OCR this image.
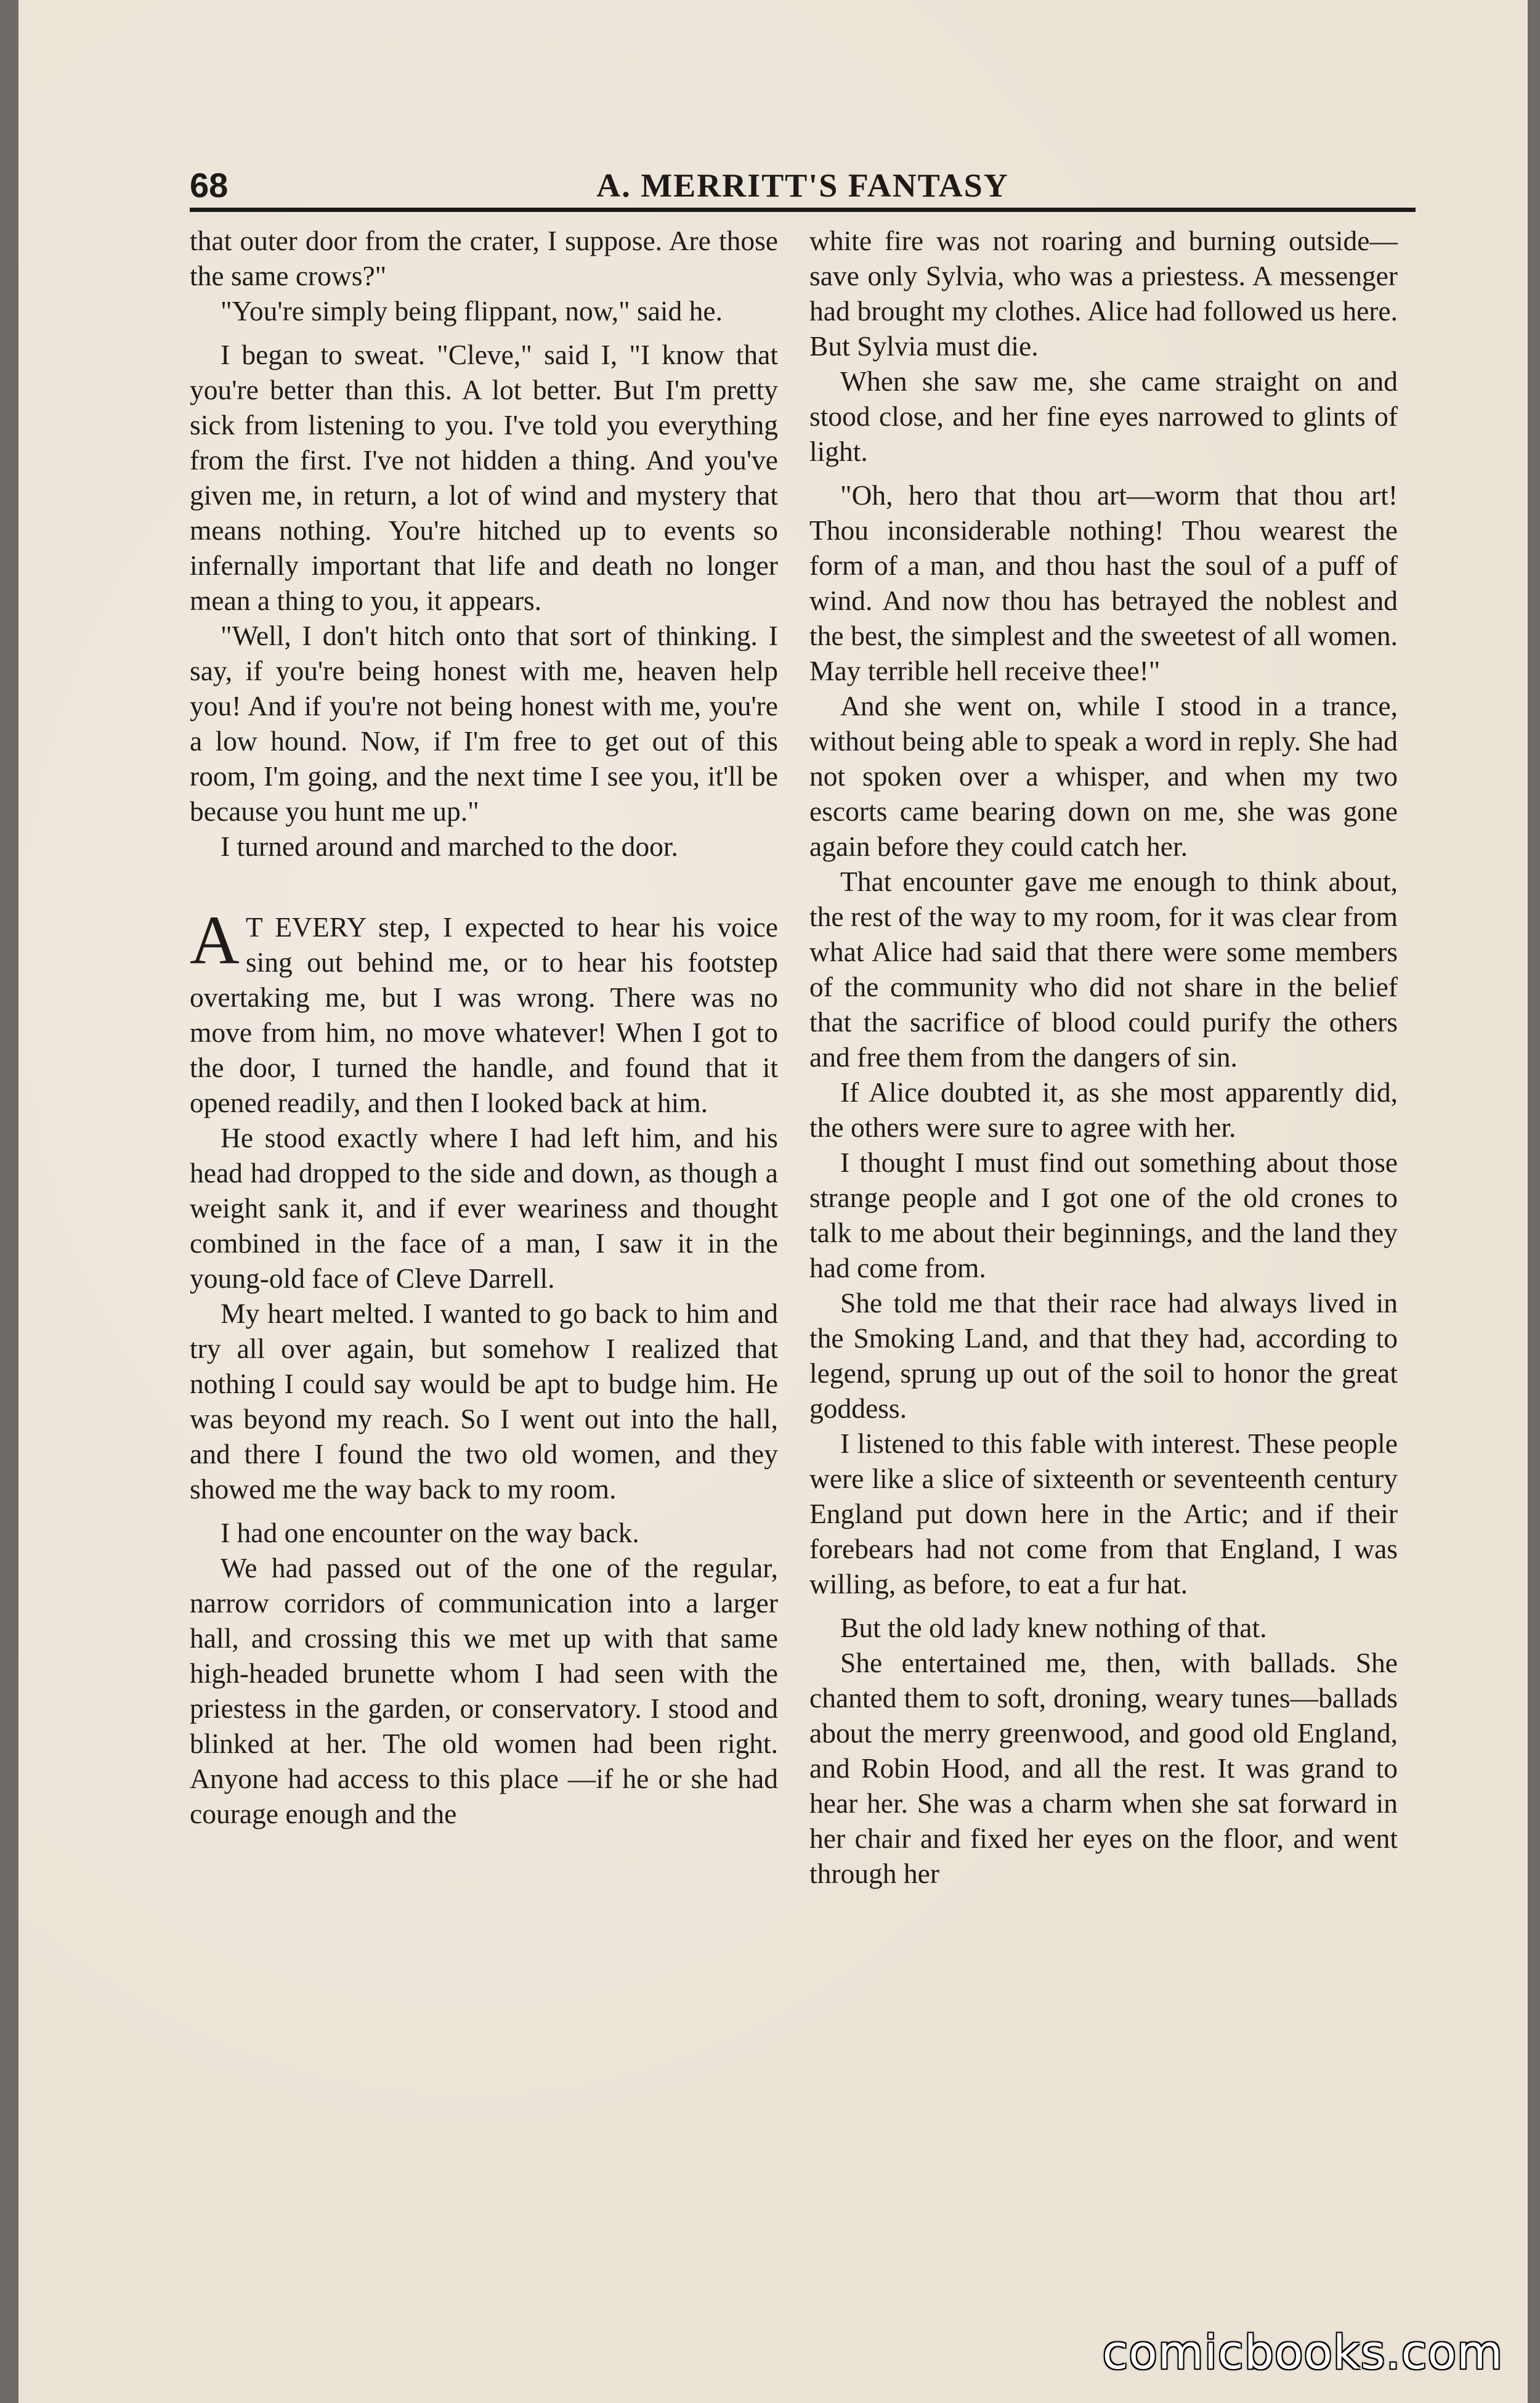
68	A. MERRITT'S FANTASY

that outer door from the crater, I suppose. Are those the same crows?"

"You're simply being flippant, now," said he.

I began to sweat. "Cleve," said I, "I know that you're better than this. A lot better. But I'm pretty sick from listening to you. I've told you everything from the first. I've not hidden a thing. And you've given me, in return, a lot of wind and mystery that means nothing. You're hitched up to events so infernally important that life and death no longer mean a thing to you, it appears.

"Well, I don't hitch onto that sort of thinking. I say, if you're being honest with me, heaven help you! And if you're not being honest with me, you're a low hound. Now, if I'm free to get out of this room, I'm going, and the next time I see you, it'll be because you hunt me up."

I turned around and marched to the door.

A T EVERY step, I expected to hear his voice sing out behind me, or to hear his footstep overtaking me, but I was wrong. There was no move from him, no move whatever! When I got to the door, I turned the handle, and found that it opened readily, and then I looked back at him.

He stood exactly where I had left him, and his head had dropped to the side and down, as though a weight sank it, and if ever weariness and thought combined in the face of a man, I saw it in the young-old face of Cleve Darrell.

My heart melted. I wanted to go back to him and try all over again, but somehow I realized that nothing I could say would be apt to budge him. He was beyond my reach. So I went out into the hall, and there I found the two old women, and they showed me the way back to my room.

I had one encounter on the way back.

We had passed out of the one of the regular, narrow corridors of communication into a larger hall, and crossing this we met up with that same high-headed brunette whom I had seen with the priestess in the garden, or conservatory. I stood and blinked at her. The old women had been right. Anyone had access to this place —if he or she had courage enough and the

white fire was not roaring and burning outside—save only Sylvia, who was a priestess. A messenger had brought my clothes. Alice had followed us here. But Sylvia must die.

When she saw me, she came straight on and stood close, and her fine eyes narrowed to glints of light.

"Oh, hero that thou art—worm that thou art! Thou inconsiderable nothing! Thou wearest the form of a man, and thou hast the soul of a puff of wind. And now thou has betrayed the noblest and the best, the simplest and the sweetest of all women. May terrible hell receive thee!"

And she went on, while I stood in a trance, without being able to speak a word in reply. She had not spoken over a whisper, and when my two escorts came bearing down on me, she was gone again before they could catch her.

That encounter gave me enough to think about, the rest of the way to my room, for it was clear from what Alice had said that there were some members of the community who did not share in the belief that the sacrifice of blood could purify the others and free them from the dangers of sin.

If Alice doubted it, as she most apparently did, the others were sure to agree with her.

I thought I must find out something about those strange people and I got one of the old crones to talk to me about their beginnings, and the land they had come from.

She told me that their race had always lived in the Smoking Land, and that they had, according to legend, sprung up out of the soil to honor the great goddess.

I listened to this fable with interest. These people were like a slice of sixteenth or seventeenth century England put down here in the Artic; and if their forebears had not come from that England, I was willing, as before, to eat a fur hat.

But the old lady knew nothing of that.

She entertained me, then, with ballads. She chanted them to soft, droning, weary tunes—ballads about the merry greenwood, and good old England, and Robin Hood, and all the rest. It was grand to hear her. She was a charm when she sat forward in her chair and fixed her eyes on the floor, and went through her

comicbooks.com
